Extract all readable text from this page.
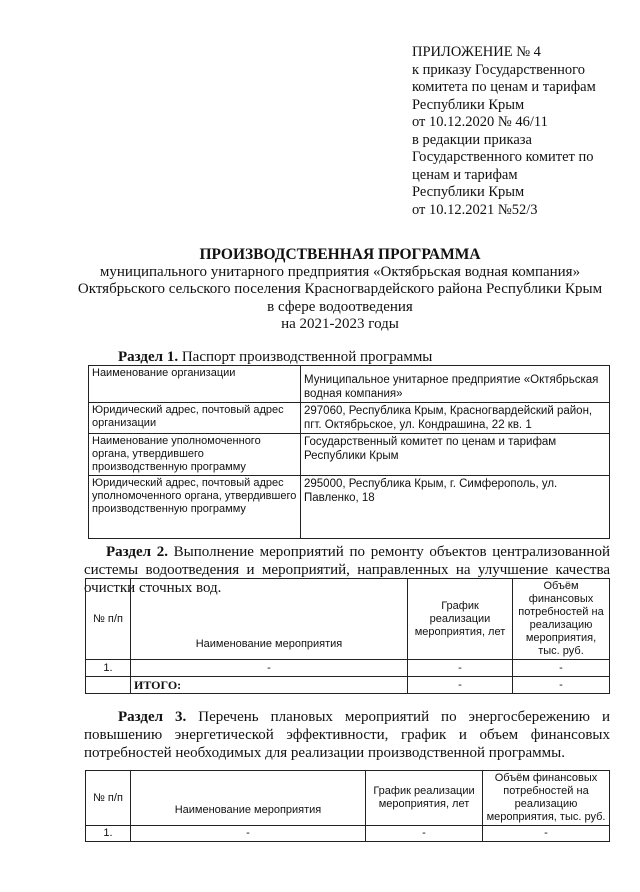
ПРИЛОЖЕНИЕ № 4
к приказу Государственного
комитета по ценам и тарифам
Республики Крым
от 10.12.2020 № 46/11
в редакции приказа
Государственного комитет по
ценам и тарифам
Республики Крым
от 10.12.2021 №52/3
ПРОИЗВОДСТВЕННАЯ ПРОГРАММА
муниципального унитарного предприятия «Октябрьская водная компания»
Октябрьского сельского поселения Красногвардейского района Республики Крым
в сфере водоотведения
на 2021-2023 годы
Раздел 1. Паспорт производственной программы
Наименование организации	Муниципальное унитарное предприятие «Октябрьская водная компания»
Юридический адрес, почтовый адрес организации	297060, Республика Крым, Красногвардейский район, пгт. Октябрьское, ул. Кондрашина, 22 кв. 1
Наименование уполномоченного органа, утвердившего производственную программу	Государственный комитет по ценам и тарифам Республики Крым
Юридический адрес, почтовый адрес уполномоченного органа, утвердившего производственную программу	295000, Республика Крым, г. Симферополь, ул. Павленко, 18
Раздел 2. Выполнение мероприятий по ремонту объектов централизованной системы водоотведения и мероприятий, направленных на улучшение качества очистки сточных вод.
№ п/п	Наименование мероприятия	График реализации мероприятия, лет	Объём финансовых потребностей на реализацию мероприятия, тыс. руб.
1.	-	-	-
	ИТОГО:	-	-
Раздел 3. Перечень плановых мероприятий по энергосбережению и повышению энергетической эффективности, график и объем финансовых потребностей необходимых для реализации производственной программы.
№ п/п	Наименование мероприятия	График реализации мероприятия, лет	Объём финансовых потребностей на реализацию мероприятия, тыс. руб.
1.	-	-	-
